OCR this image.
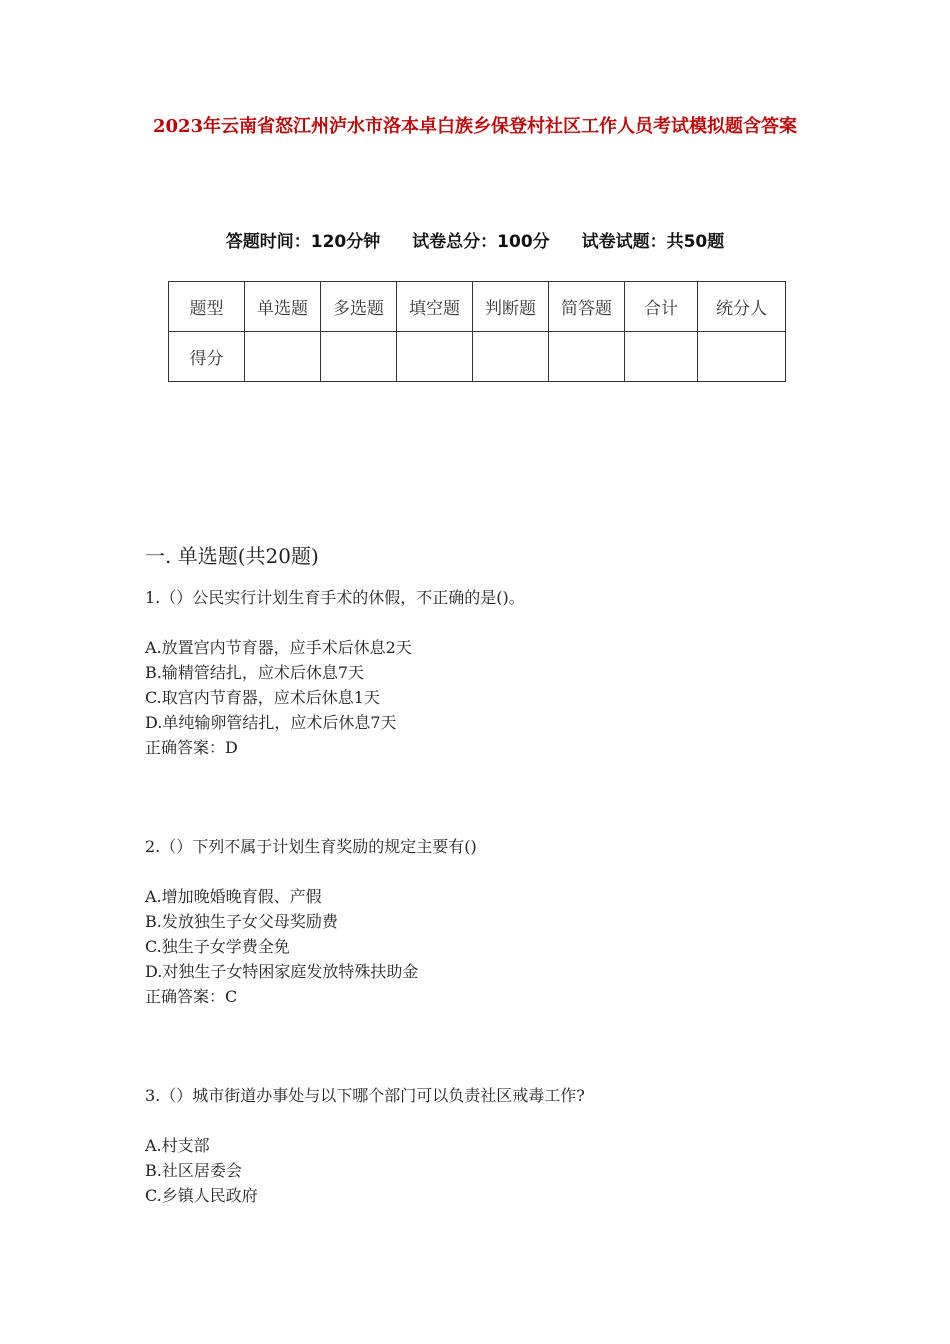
2023年云南省怒江州泸水市洛本卓白族乡保登村社区工作人员考试模拟题含答案
答题时间：120分钟 试卷总分：100分 试卷试题：共50题
题型	单选题	多选题	填空题	判断题	简答题	合计	统分人
得分							
一. 单选题(共20题)
1.（）公民实行计划生育手术的休假，不正确的是()。
A.放置宫内节育器，应手术后休息2天
B.输精管结扎，应术后休息7天
C.取宫内节育器，应术后休息1天
D.单纯输卵管结扎，应术后休息7天
正确答案：D
2.（）下列不属于计划生育奖励的规定主要有()
A.增加晚婚晚育假、产假
B.发放独生子女父母奖励费
C.独生子女学费全免
D.对独生子女特困家庭发放特殊扶助金
正确答案：C
3.（）城市街道办事处与以下哪个部门可以负责社区戒毒工作?
A.村支部
B.社区居委会
C.乡镇人民政府
